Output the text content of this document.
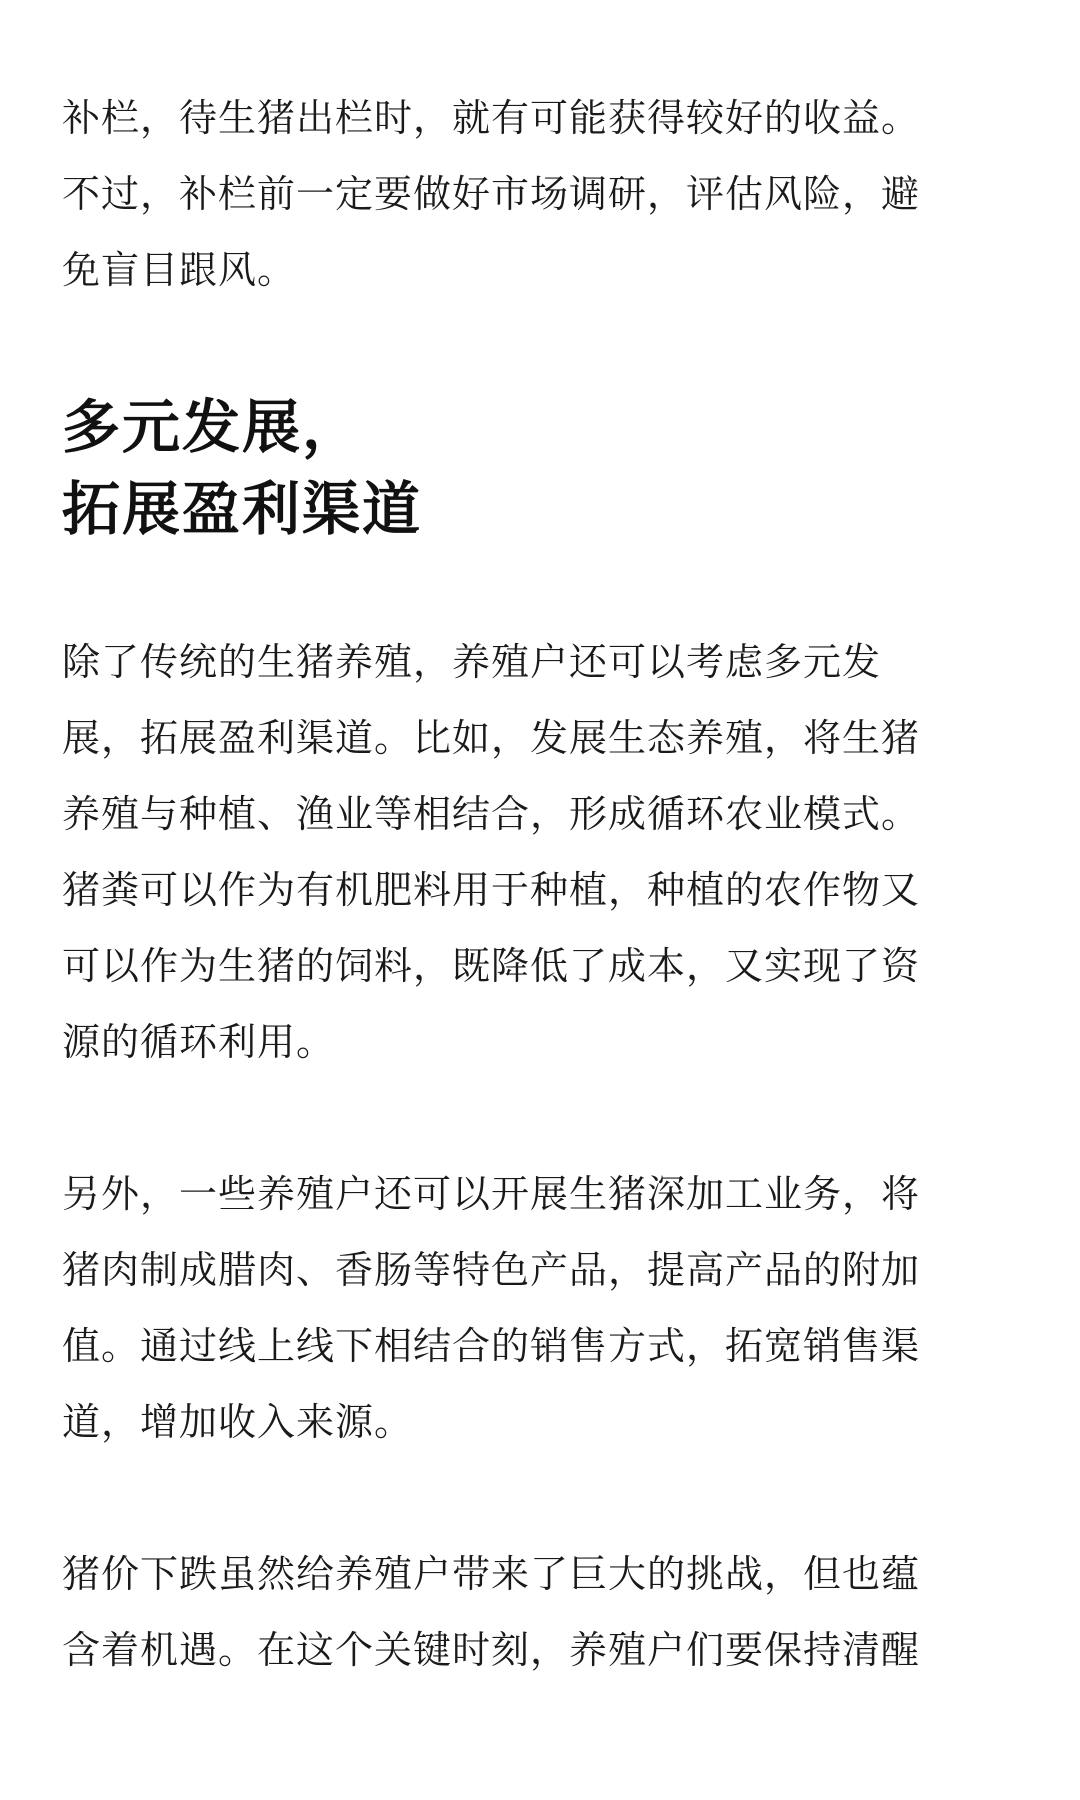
补栏，待生猪出栏时，就有可能获得较好的收益。
不过，补栏前一定要做好市场调研，评估风险，避
免盲目跟风。

多元发展，
拓展盈利渠道

除了传统的生猪养殖，养殖户还可以考虑多元发
展，拓展盈利渠道。比如，发展生态养殖，将生猪
养殖与种植、渔业等相结合，形成循环农业模式。
猪粪可以作为有机肥料用于种植，种植的农作物又
可以作为生猪的饲料，既降低了成本，又实现了资
源的循环利用。

另外，一些养殖户还可以开展生猪深加工业务，将
猪肉制成腊肉、香肠等特色产品，提高产品的附加
值。通过线上线下相结合的销售方式，拓宽销售渠
道，增加收入来源。

猪价下跌虽然给养殖户带来了巨大的挑战，但也蕴
含着机遇。在这个关键时刻，养殖户们要保持清醒
